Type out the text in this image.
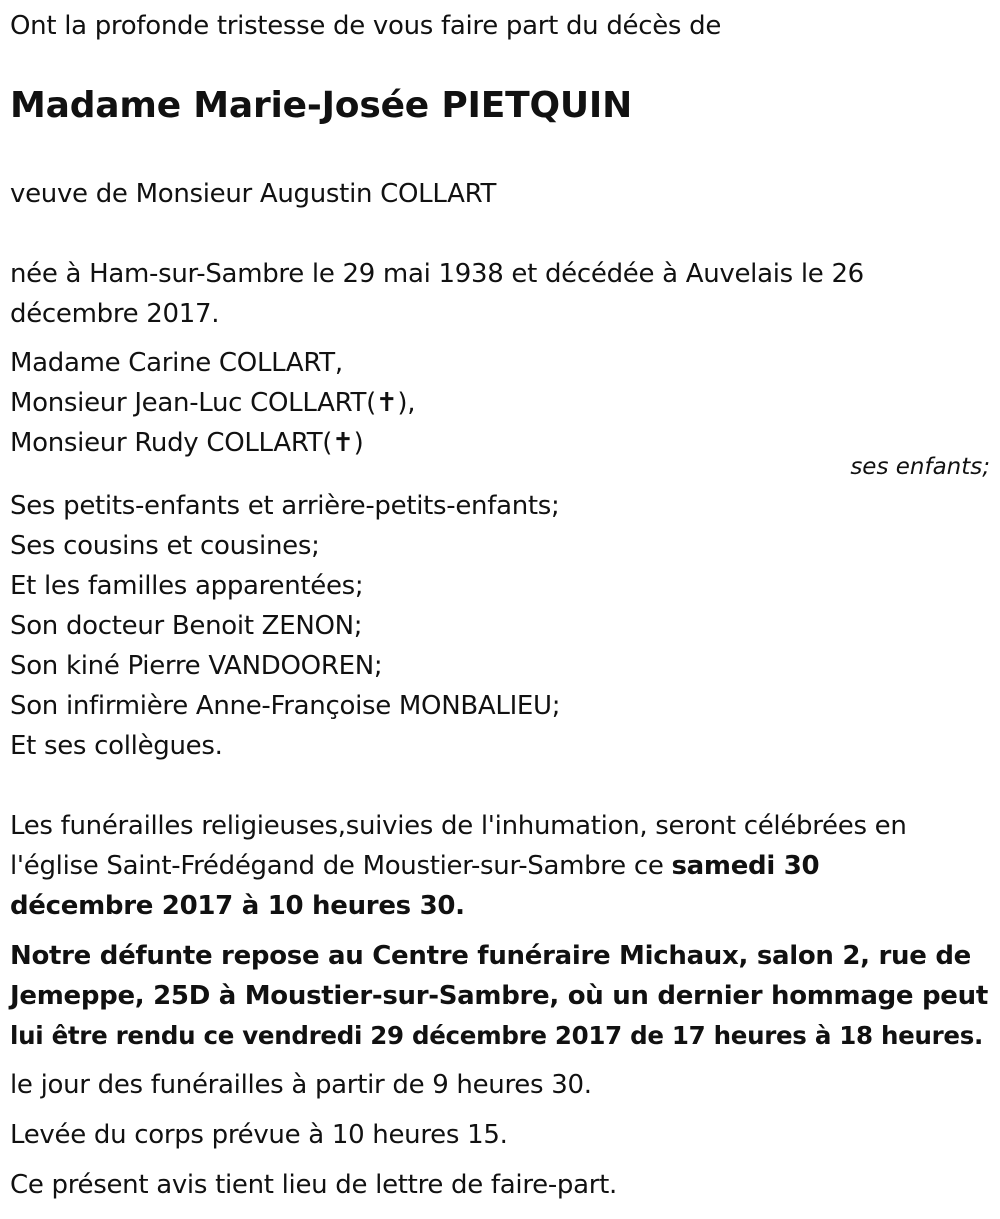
Ont la profonde tristesse de vous faire part du décès de

Madame Marie-Josée PIETQUIN

veuve de Monsieur Augustin COLLART

née à Ham-sur-Sambre le 29 mai 1938 et décédée à Auvelais le 26

décembre 2017.

Madame Carine COLLART,

Monsieur Jean-Luc COLLART(✝),

Monsieur Rudy COLLART(✝)

ses enfants;

Ses petits-enfants et arrière-petits-enfants;

Ses cousins et cousines;

Et les familles apparentées;

Son docteur Benoit ZENON;

Son kiné Pierre VANDOOREN;

Son infirmière Anne-Françoise MONBALIEU;

Et ses collègues.

Les funérailles religieuses,suivies de l'inhumation, seront célébrées en

l'église Saint-Frédégand de Moustier-sur-Sambre ce samedi 30

décembre 2017 à 10 heures 30.

Notre défunte repose au Centre funéraire Michaux, salon 2, rue de

Jemeppe, 25D à Moustier-sur-Sambre, où un dernier hommage peut

lui être rendu ce vendredi 29 décembre 2017 de 17 heures à 18 heures.

le jour des funérailles à partir de 9 heures 30.

Levée du corps prévue à 10 heures 15.

Ce présent avis tient lieu de lettre de faire-part.
